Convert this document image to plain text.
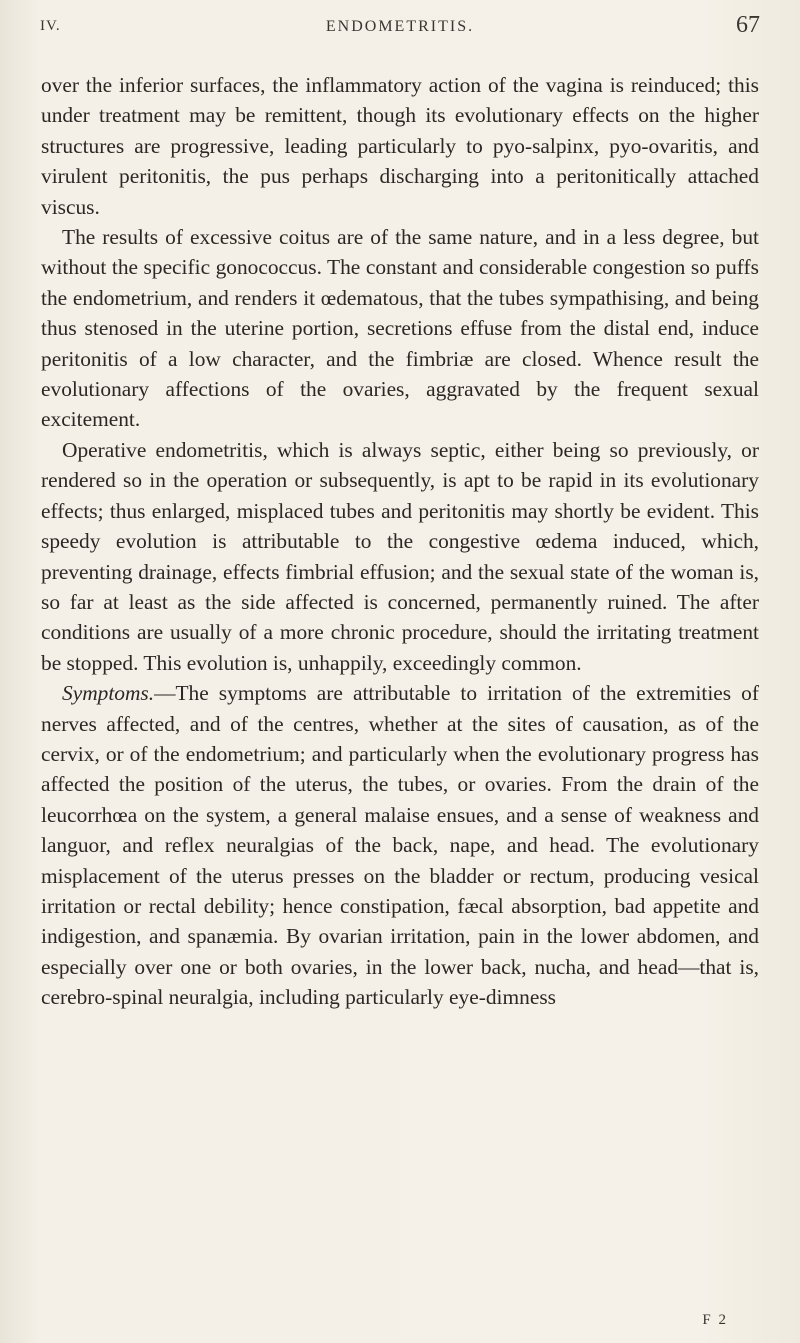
IV.	ENDOMETRITIS.	67

over the inferior surfaces, the inflammatory action of the vagina is reinduced; this under treatment may be remittent, though its evolutionary effects on the higher structures are progressive, leading particularly to pyo-salpinx, pyo-ovaritis, and virulent peritonitis, the pus perhaps discharging into a peritonitically attached viscus.

The results of excessive coitus are of the same nature, and in a less degree, but without the specific gonococcus. The constant and considerable congestion so puffs the endometrium, and renders it œdematous, that the tubes sympathising, and being thus stenosed in the uterine portion, secretions effuse from the distal end, induce peritonitis of a low character, and the fimbriæ are closed. Whence result the evolutionary affections of the ovaries, aggravated by the frequent sexual excitement.

Operative endometritis, which is always septic, either being so previously, or rendered so in the operation or subsequently, is apt to be rapid in its evolutionary effects; thus enlarged, misplaced tubes and peritonitis may shortly be evident. This speedy evolution is attributable to the congestive œdema induced, which, preventing drainage, effects fimbrial effusion; and the sexual state of the woman is, so far at least as the side affected is concerned, permanently ruined. The after conditions are usually of a more chronic procedure, should the irritating treatment be stopped. This evolution is, unhappily, exceedingly common.

Symptoms.—The symptoms are attributable to irritation of the extremities of nerves affected, and of the centres, whether at the sites of causation, as of the cervix, or of the endometrium; and particularly when the evolutionary progress has affected the position of the uterus, the tubes, or ovaries. From the drain of the leucorrhœa on the system, a general malaise ensues, and a sense of weakness and languor, and reflex neuralgias of the back, nape, and head. The evolutionary misplacement of the uterus presses on the bladder or rectum, producing vesical irritation or rectal debility; hence constipation, fæcal absorption, bad appetite and indigestion, and spanæmia. By ovarian irritation, pain in the lower abdomen, and especially over one or both ovaries, in the lower back, nucha, and head—that is, cerebro-spinal neuralgia, including particularly eye-dimness

F 2
